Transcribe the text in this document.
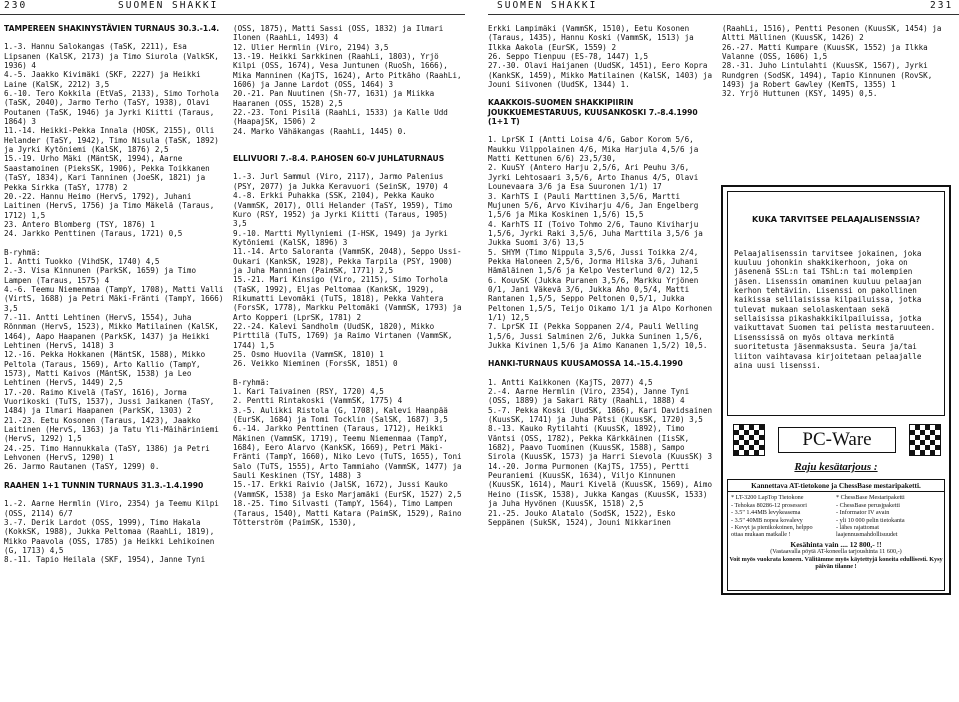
230	SUOMEN SHAKKI	SUOMEN SHAKKI	231

TAMPEREEN SHAKINYSTÄVIEN TURNAUS 30.3.-1.4.

1.-3. Hannu Salokangas (TaSK, 2211), Esa Lipsanen (KalSK, 2173) ja Timo Siurola (ValkSK, 1936) 4

4.-5. Jaakko Kivimäki (SKF, 2227) ja Heikki Laine (KalSK, 2212) 3,5

6.-10. Tero Kokkila (EtVaS, 2133), Simo Torhola (TaSK, 2040), Jarmo Terho (TaSY, 1938), Olavi Poutanen (TaSK, 1946) ja Jyrki Kiitti (Taraus, 1864) 3

11.-14. Heikki-Pekka Innala (HOSK, 2155), Olli Helander (TaSY, 1942), Timo Nisula (TaSK, 1892) ja Jyrki Kytöniemi (KalSK, 1876) 2,5

15.-19. Urho Mäki (MäntSK, 1994), Aarne Saastamoinen (PieksSK, 1906), Pekka Toikkanen (TaSY, 1834), Kari Tanninen (JoeSK, 1821) ja Pekka Sirkka (TaSY, 1778) 2

20.-22. Hannu Heimo (HervS, 1792), Juhani Laitinen (HervS, 1756) ja Timo Mäkelä (Taraus, 1712) 1,5

23. Antero Blomberg (TSY, 1876) 1

24. Jarkko Penttinen (Taraus, 1721) 0,5

B-ryhmä:

1. Antti Tuokko (VihdSK, 1740) 4,5

2.-3. Visa Kinnunen (ParkSK, 1659) ja Timo Lampen (Taraus, 1575) 4

4.-6. Teemu Niemenmaa (TampY, 1708), Matti Valli (VirtS, 1688) ja Petri Mäki-Fränti (TampY, 1666) 3,5

7.-11. Antti Lehtinen (HervS, 1554), Juha Rönnman (HervS, 1523), Mikko Matilainen (KalSK, 1464), Aapo Haapanen (ParkSK, 1437) ja Heikki Lehtinen (HervS, 1418) 3

12.-16. Pekka Hokkanen (MäntSK, 1588), Mikko Peltola (Taraus, 1569), Arto Kallio (TampY, 1573), Matti Kaivos (MäntSK, 1538) ja Leo Lehtinen (HervS, 1449) 2,5

17.-20. Raimo Kivelä (TaSY, 1616), Jorma Vuorikoski (TuTS, 1537), Jussi Jaikanen (TaSY, 1484) ja Ilmari Haapanen (ParkSK, 1303) 2

21.-23. Eetu Kosonen (Taraus, 1423), Jaakko Laitinen (HervS, 1363) ja Tatu Yli-Mäihäriniemi (HervS, 1292) 1,5

24.-25. Timo Hannukkala (TaSY, 1386) ja Petri Lehvonen (HervS, 1290) 1

26. Jarmo Rautanen (TaSY, 1299) 0.

RAAHEN 1+1 TUNNIN TURNAUS 31.3.-1.4.1990

1.-2. Aarne Hermlin (Viro, 2354) ja Teemu Kilpi (OSS, 2114) 6/7

3.-7. Derik Lardot (OSS, 1999), Timo Hakala (KokkSK, 1988), Jukka Peltomaa (RaahLi, 1819), Mikko Paavola (OSS, 1785) ja Heikki Lehikoinen (G, 1713) 4,5

8.-11. Tapio Heilala (SKF, 1954), Janne Tyni

(OSS, 1875), Matti Sassi (OSS, 1832) ja Ilmari Ilonen (RaahLi, 1493) 4

12. Ulier Hermlin (Viro, 2194) 3,5

13.-19. Heikki Sarkkinen (RaahLi, 1803), Yrjö Kilpi (OSS, 1674), Vesa Juntunen (RuoSh, 1666), Mika Manninen (KajTS, 1624), Arto Pitkäho (RaahLi, 1606) ja Janne Lardot (OSS, 1464) 3

20.-21. Pan Nuutinen (Sh-77, 1631) ja Miikka Haaranen (OSS, 1528) 2,5

22.-23. Toni Pisilä (RaahLi, 1533) ja Kalle Udd (HaapajSK, 1506) 2

24. Marko Vähäkangas (RaahLi, 1445) 0.

ELLIVUORI 7.-8.4. P.AHOSEN 60-V JUHLATURNAUS

1.-3. Jurl Sammul (Viro, 2117), Jarmo Palenius (PSY, 2077) ja Jukka Keravuori (SeinSK, 1970) 4

4.-8. Erkki Puhakka (SSK, 2104), Pekka Kauko (VammSK, 2017), Olli Helander (TaSY, 1959), Timo Kuro (RSY, 1952) ja Jyrki Kiitti (Taraus, 1905) 3,5

9.-10. Martti Myllyniemi (I-HSK, 1949) ja Jyrki Kytöniemi (KalSK, 1896) 3

11.-14. Arto Saloranta (VammSK, 2048), Seppo Ussi-Oukari (KankSK, 1928), Pekka Tarpila (PSY, 1900) ja Juha Manninen (PaimSK, 1771) 2,5

15.-21. Mari Kinsigo (Viro, 2115), Simo Torhola (TaSK, 1992), Eljas Peltomaa (KankSK, 1929), Rikumatti Levomäki (TuTS, 1818), Pekka Vahtera (ForsSK, 1778), Markku Peltomäki (VammSK, 1793) ja Arto Kopperi (LprSK, 1781) 2

22.-24. Kalevi Sandholm (UudSK, 1820), Mikko Pirttilä (TuTS, 1769) ja Raimo Virtanen (VammSK, 1744) 1,5

25. Osmo Huovila (VammSK, 1810) 1

26. Veikko Nieminen (ForsSK, 1851) 0

B-ryhmä:

1. Kari Taivainen (RSY, 1720) 4,5

2. Pentti Rintakoski (VammSK, 1775) 4

3.-5. Aulikki Ristola (G, 1708), Kalevi Haanpää (EurSK, 1684) ja Tomi Tocklin (SalSK, 1687) 3,5

6.-14. Jarkko Penttinen (Taraus, 1712), Heikki Mäkinen (VammSK, 1719), Teemu Niemenmaa (TampY, 1684), Eero Alarvo (KankSK, 1669), Petri Mäki-Fränti (TampY, 1660), Niko Levo (TuTS, 1655), Toni Salo (TuTS, 1555), Arto Tammiaho (VammSK, 1477) ja Sauli Keskinen (TSY, 1488) 3

15.-17. Erkki Raivio (JalSK, 1672), Jussi Kauko (VammSK, 1538) ja Esko Marjamäki (EurSK, 1527) 2,5

18.-25. Timo Silvasti (TampY, 1564), Timo Lampen (Taraus, 1540), Matti Katara (PaimSK, 1529), Raino Tötterström (PaimSK, 1530),

Erkki Lampimäki (VammSK, 1510), Eetu Kosonen (Taraus, 1435), Hannu Koski (VammSK, 1513) ja Ilkka Aakola (EurSK, 1559) 2

26. Seppo Tienpuu (ES-78, 1447) 1,5

27.-30. Olavi Haijanen (UudSK, 1451), Eero Kopra (KankSK, 1459), Mikko Matilainen (KalSK, 1403) ja Jouni Siivonen (UudSK, 1344) 1.

KAAKKOIS-SUOMEN SHAKKIPIIRIN JOUKKUEMESTARUUS, KUUSANKOSKI 7.-8.4.1990 (1+1 T)

1. LprSK I (Antti Loisa 4/6, Gabor Korom 5/6, Maukku Vilppolainen 4/6, Mika Harjula 4,5/6 ja Matti Kettunen 6/6) 23,5/30,

2. KuuSY (Antero Harju 2,5/6, Ari Peuhu 3/6, Jyrki Lehtosaari 3,5/6, Arto Ihanus 4/5, Olavi Lounevaara 3/6 ja Esa Suuronen 1/1) 17

3. KarhTS I (Pauli Marttinen 3,5/6, Martti Mujunen 5/6, Arvo Kiviharju 4/6, Jan Engelberg 1,5/6 ja Mika Koskinen 1,5/6) 15,5

4. KarhTS II (Toivo Tohmo 2/6, Tauno Kiviharju 1,5/6, Jyrki Raki 3,5/6, Juha Marttila 3,5/6 ja Jukka Suomi 3/6) 13,5

5. SHYM (Timo Nippula 3,5/6, Jussi Toikka 2/4, Pekka Haloneen 2,5/6, Jorma Hilska 3/6, Juhani Hämäläinen 1,5/6 ja Kelpo Vesterlund 0/2) 12,5

6. KouvSK (Jukka Puranen 3,5/6, Markku Yrjönen 0/1, Jani Väkevä 3/6, Jukka Aho 0,5/4, Matti Rantanen 1,5/5, Seppo Peltonen 0,5/1, Jukka Peltonen 1,5/5, Teijo Oikamo 1/1 ja Alpo Korhonen 1/1) 12,5

7. LprSK II (Pekka Soppanen 2/4, Pauli Welling 1,5/6, Jussi Salminen 2/6, Jukka Suninen 1,5/6, Jukka Kivinen 1,5/6 ja Aimo Kananen 1,5/2) 10,5.

HANKI-TURNAUS KUUSAMOSSA 14.-15.4.1990

1. Antti Kaikkonen (KajTS, 2077) 4,5

2.-4. Aarne Hermlin (Viro, 2354), Janne Tyni (OSS, 1889) ja Sakari Räty (RaahLi, 1888) 4

5.-7. Pekka Koski (UudSK, 1866), Kari Davidsainen (KuusSK, 1741) ja Juha Pätsi (KuusSK, 1720) 3,5

8.-13. Kauko Rytilahti (KuusSK, 1892), Timo Väntsi (OSS, 1782), Pekka Kärkkäinen (IisSK, 1682), Paavo Tuominen (KuusSK, 1588), Sampo Sirola (KuusSK, 1573) ja Harri Sievola (KuusSK) 3

14.-20. Jorma Purmonen (KajTS, 1755), Pertti Peuraniemi (KuusSK, 1634), Viljo Kinnunen (KuusSK, 1614), Mauri Kivelä (KuusSK, 1569), Aimo Heino (IisSK, 1538), Jukka Kangas (KuusSK, 1533) ja Juha Hyvönen (KuusSK, 1518) 2,5

21.-25. Jouko Alatalo (SodSK, 1522), Esko Seppänen (SukSK, 1524), Jouni Nikkarinen

(RaahLi, 1516), Pentti Pesonen (KuusSK, 1454) ja Altti Mällinen (KuusSK, 1426) 2

26.-27. Matti Kumpare (KuusSK, 1552) ja Ilkka Valanne (OSS, 1606) 1,5

28.-31. Juho Lintulahti (KuusSK, 1567), Jyrki Rundgren (SodSK, 1494), Tapio Kinnunen (RovSK, 1493) ja Robert Gawley (KemTS, 1355) 1

32. Yrjö Huttunen (KSY, 1495) 0,5.

KUKA TARVITSEE PELAAJALISENSSIA?

Pelaajalisenssin tarvitsee jokainen, joka kuuluu johonkin shakkikerhoon, joka on jäsenenä SSL:n tai TShL:n tai molempien jäsen. Lisenssin omaminen kuuluu pelaajan kerhon tehtäviin. Lisenssi on pakollinen kaikissa selilaisissa kilpailuissa, jotka tulevat mukaan selolaskentaan sekä sellaisissa pikashakkikilpailuissa, jotka vaikuttavat Suomen tai pelista mestaruuteen. Lisenssissä on myös oltava merkintä suoritetusta jäsenmaksusta. Seura ja/tai liiton vaihtavasa kirjoitetaan pelaajalle aina uusi lisenssi.

PC-Ware
Raju kesätarjous :
Kannettava AT-tietokone ja ChessBase mestaripaketti.
* LT-3200 LapTop Tietokone
- Tehokas 80286-12 prosessori
- 3.5" 1.44MB levykeasema
- 3.5" 40MB nopea kovalevy
- Kevyt ja pienikokoinen, helppo
ottaa mukaan matkalle !
* ChessBase Mestaripaketti
- ChessBase perusjpaketti
- Informator IV avain
- yli 10 000 pelin tietokanta
- lähes rajattomat laajennusmahdollisuudet
Kesähinta vain .... 12 800,- !!
(Vastaavalla pöytä AT-koneella tarjoushinta 11 600,-)
Voit myös vuokrata koneen. Välitämme myös käytettyjä koneita edullisesti. Kysy päivän tilanne !
